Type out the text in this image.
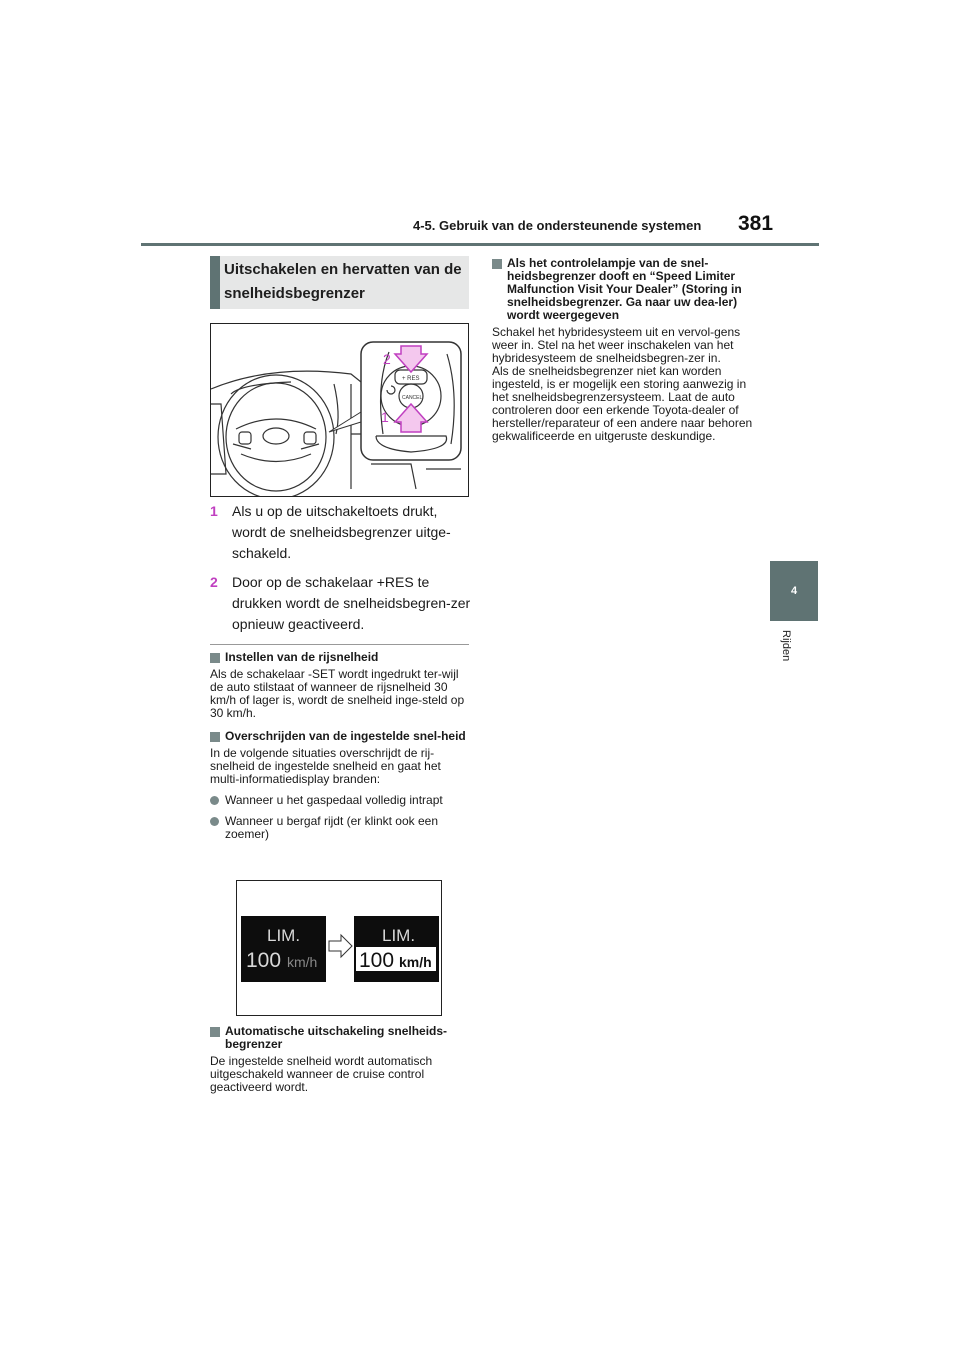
4-5. Gebruik van de ondersteunende systemen 381
4
Rijden
Uitschakelen en hervatten van de snelheidsbegrenzer
+ RES
CANCEL
2
1
1	Als u op de uitschakeltoets drukt, wordt de snelheidsbegrenzer uitge-schakeld.
2	Door op de schakelaar +RES te drukken wordt de snelheidsbegren-zer opnieuw geactiveerd.
Instellen van de rijsnelheid

Als de schakelaar -SET wordt ingedrukt ter-wijl de auto stilstaat of wanneer de rijsnelheid 30 km/h of lager is, wordt de snelheid inge-steld op 30 km/h.

Overschrijden van de ingestelde snel-heid

In de volgende situaties overschrijdt de rij-snelheid de ingestelde snelheid en gaat het multi-informatiedisplay branden:

Wanneer u het gaspedaal volledig intrapt
Wanneer u bergaf rijdt (er klinkt ook een zoemer)
LIM.
100 km/h
LIM.
100 km/h
Automatische uitschakeling snelheids-begrenzer

De ingestelde snelheid wordt automatisch uitgeschakeld wanneer de cruise control geactiveerd wordt.

Als het controlelampje van de snel-heidsbegrenzer dooft en “Speed Limiter Malfunction Visit Your Dealer” (Storing in snelheidsbegrenzer. Ga naar uw dea-ler) wordt weergegeven

Schakel het hybridesysteem uit en vervol-gens weer in. Stel na het weer inschakelen van het hybridesysteem de snelheidsbegren-zer in.

Als de snelheidsbegrenzer niet kan worden ingesteld, is er mogelijk een storing aanwezig in het snelheidsbegrenzersysteem. Laat de auto controleren door een erkende Toyota-dealer of hersteller/reparateur of een andere naar behoren gekwalificeerde en uitgeruste deskundige.
